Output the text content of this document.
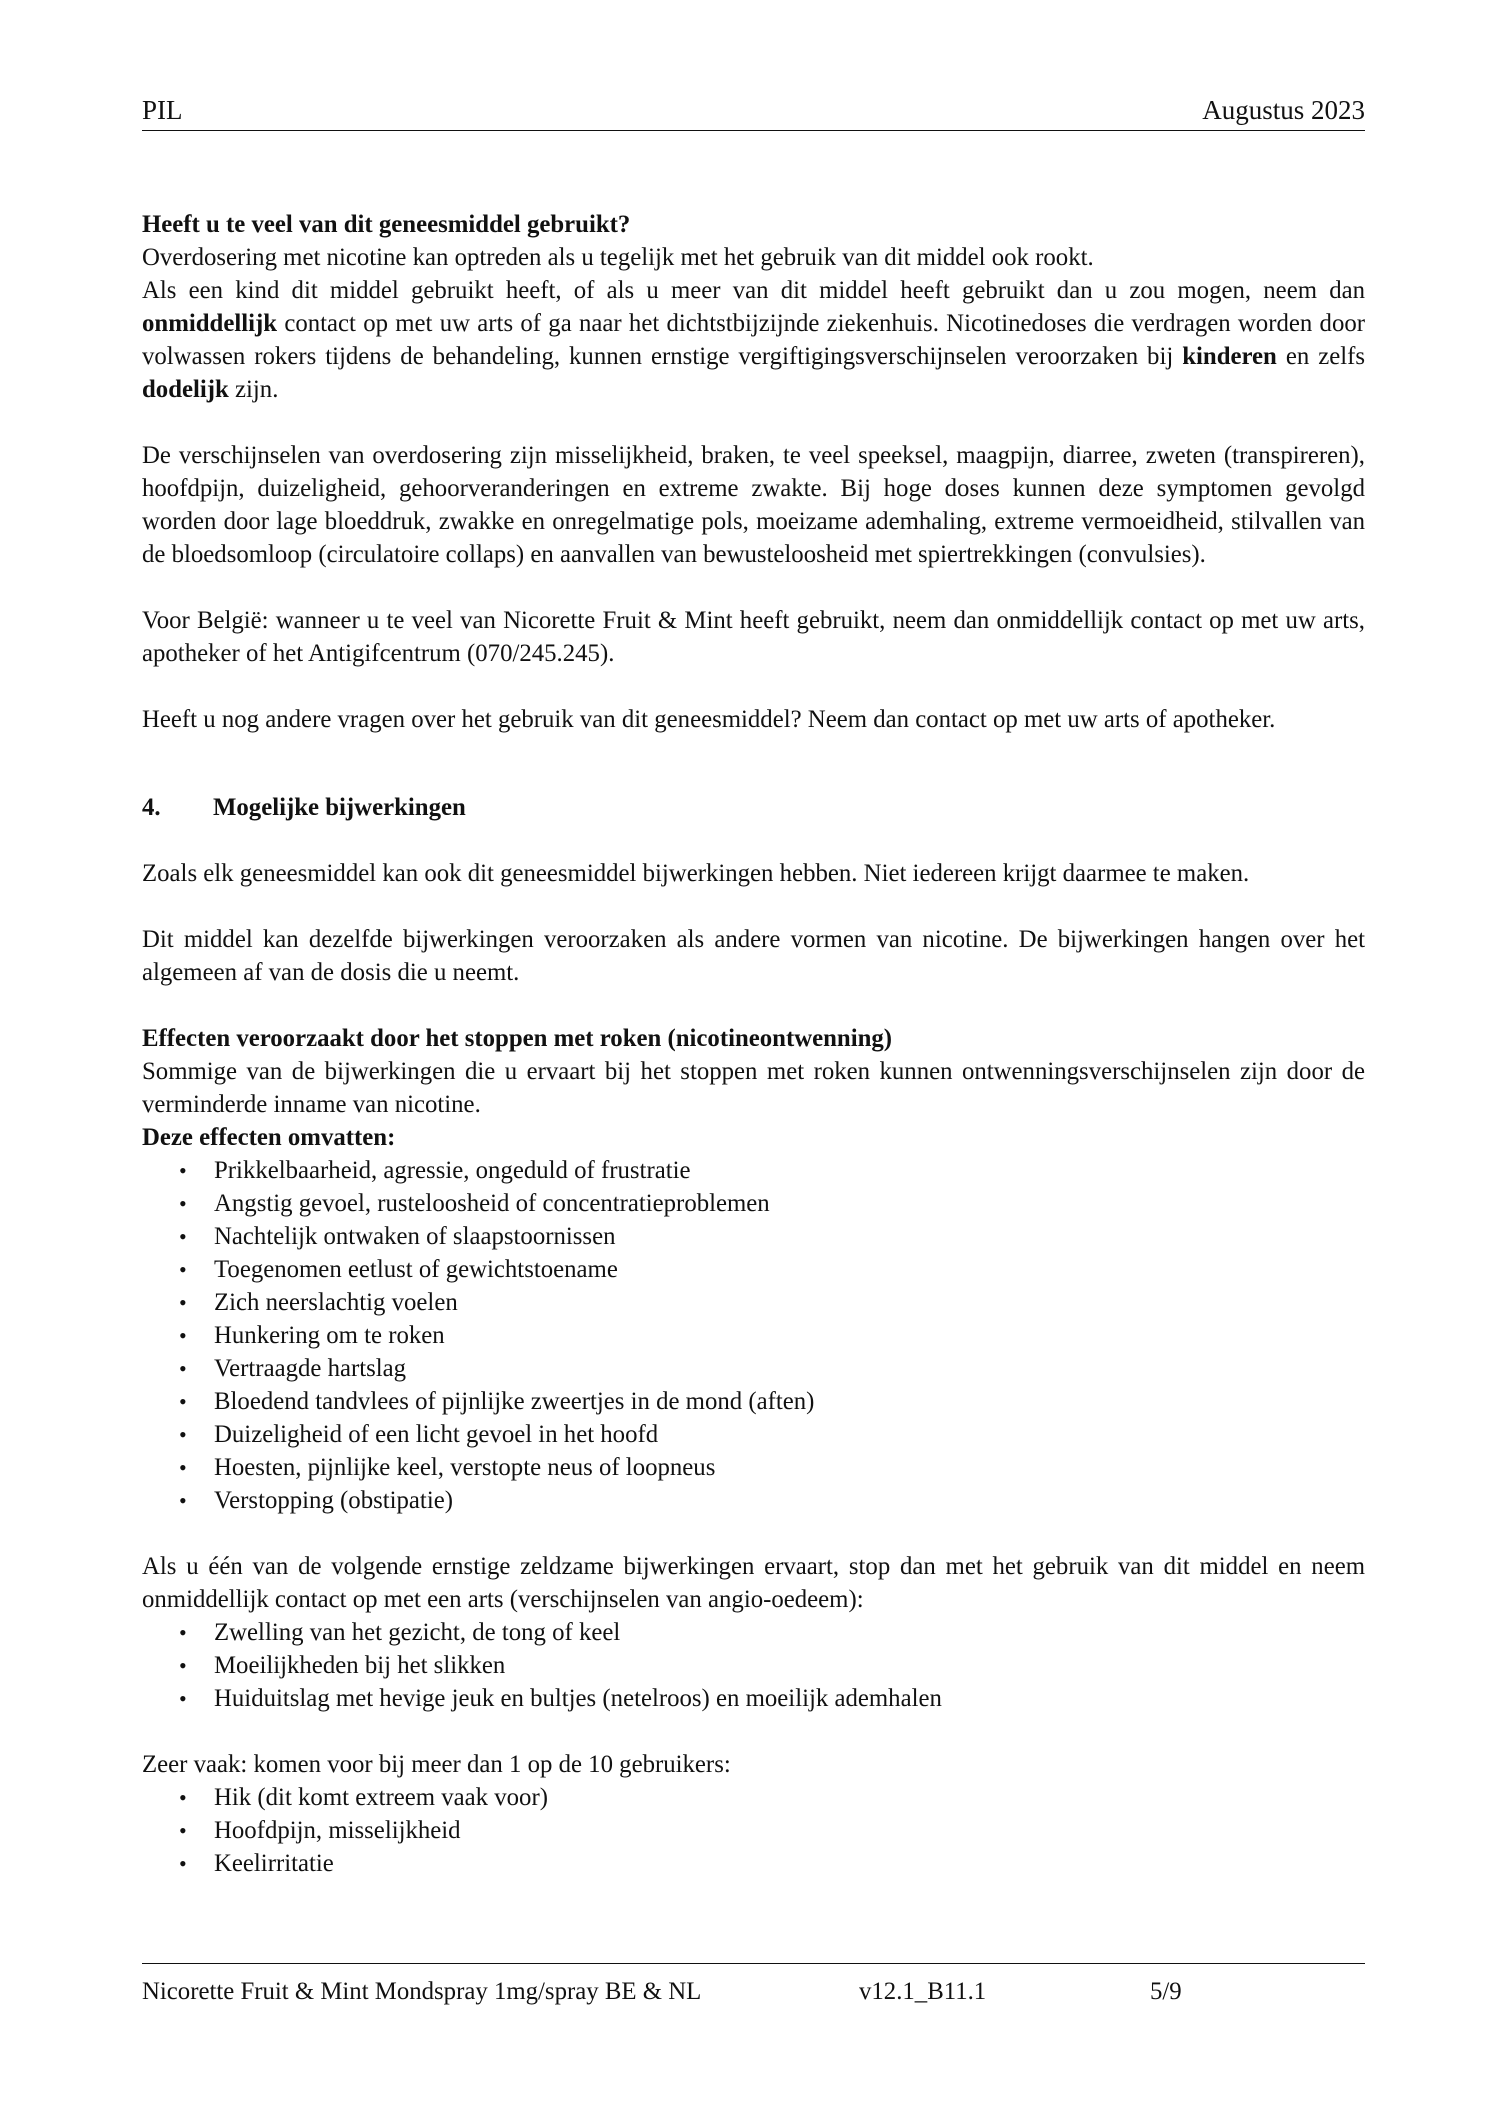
PIL	Augustus 2023

Heeft u te veel van dit geneesmiddel gebruikt?

Overdosering met nicotine kan optreden als u tegelijk met het gebruik van dit middel ook rookt.

Als een kind dit middel gebruikt heeft, of als u meer van dit middel heeft gebruikt dan u zou mogen, neem dan onmiddellijk contact op met uw arts of ga naar het dichtstbijzijnde ziekenhuis. Nicotinedoses die verdragen worden door volwassen rokers tijdens de behandeling, kunnen ernstige vergiftigingsverschijnselen veroorzaken bij kinderen en zelfs dodelijk zijn.

De verschijnselen van overdosering zijn misselijkheid, braken, te veel speeksel, maagpijn, diarree, zweten (transpireren), hoofdpijn, duizeligheid, gehoorveranderingen en extreme zwakte. Bij hoge doses kunnen deze symptomen gevolgd worden door lage bloeddruk, zwakke en onregelmatige pols, moeizame ademhaling, extreme vermoeidheid, stilvallen van de bloedsomloop (circulatoire collaps) en aanvallen van bewusteloosheid met spiertrekkingen (convulsies).

Voor België: wanneer u te veel van Nicorette Fruit & Mint heeft gebruikt, neem dan onmiddellijk contact op met uw arts, apotheker of het Antigifcentrum (070/245.245).

Heeft u nog andere vragen over het gebruik van dit geneesmiddel? Neem dan contact op met uw arts of apotheker.

4.	Mogelijke bijwerkingen

Zoals elk geneesmiddel kan ook dit geneesmiddel bijwerkingen hebben. Niet iedereen krijgt daarmee te maken.

Dit middel kan dezelfde bijwerkingen veroorzaken als andere vormen van nicotine. De bijwerkingen hangen over het algemeen af van de dosis die u neemt.

Effecten veroorzaakt door het stoppen met roken (nicotineontwenning)

Sommige van de bijwerkingen die u ervaart bij het stoppen met roken kunnen ontwenningsverschijnselen zijn door de verminderde inname van nicotine.

Deze effecten omvatten:

• Prikkelbaarheid, agressie, ongeduld of frustratie
• Angstig gevoel, rusteloosheid of concentratieproblemen
• Nachtelijk ontwaken of slaapstoornissen
• Toegenomen eetlust of gewichtstoename
• Zich neerslachtig voelen
• Hunkering om te roken
• Vertraagde hartslag
• Bloedend tandvlees of pijnlijke zweertjes in de mond (aften)
• Duizeligheid of een licht gevoel in het hoofd
• Hoesten, pijnlijke keel, verstopte neus of loopneus
• Verstopping (obstipatie)

Als u één van de volgende ernstige zeldzame bijwerkingen ervaart, stop dan met het gebruik van dit middel en neem onmiddellijk contact op met een arts (verschijnselen van angio-oedeem):

• Zwelling van het gezicht, de tong of keel
• Moeilijkheden bij het slikken
• Huiduitslag met hevige jeuk en bultjes (netelroos) en moeilijk ademhalen

Zeer vaak: komen voor bij meer dan 1 op de 10 gebruikers:

• Hik (dit komt extreem vaak voor)
• Hoofdpijn, misselijkheid
• Keelirritatie
Nicorette Fruit & Mint Mondspray 1mg/spray BE & NL	v12.1_B11.1	5/9
